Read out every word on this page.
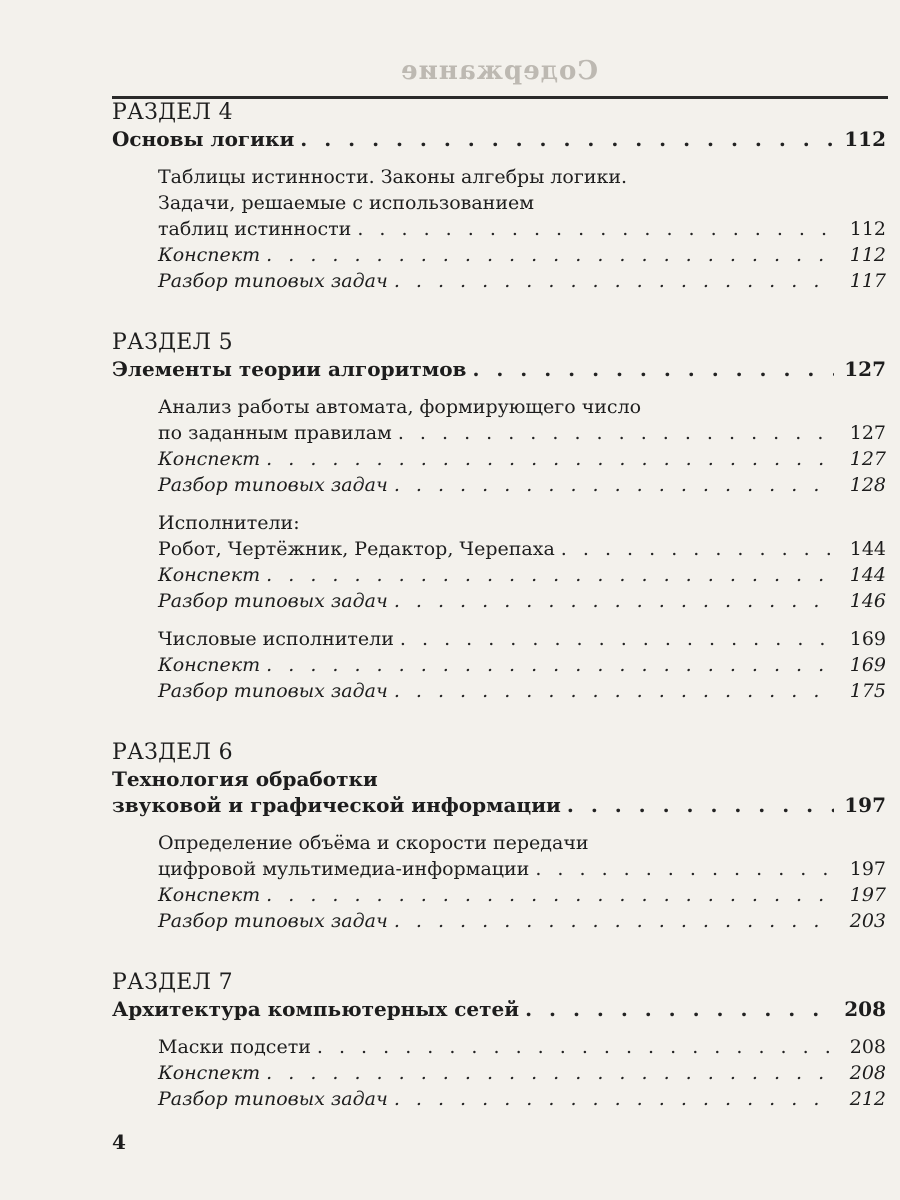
Содержание
РАЗДЕЛ 4
Основы логики . . .	112
Таблицы истинности. Законы алгебры логики.
Задачи, решаемые с использованием
таблиц истинности . . .	112
Конспект . . .	112
Разбор типовых задач . . .	117
РАЗДЕЛ 5
Элементы теории алгоритмов . . .	127
Анализ работы автомата, формирующего число
по заданным правилам . . .	127
Конспект . . .	127
Разбор типовых задач . . .	128
Исполнители:
Робот, Чертёжник, Редактор, Черепаха . . .	144
Конспект . . .	144
Разбор типовых задач . . .	146
Числовые исполнители . . .	169
Конспект . . .	169
Разбор типовых задач . . .	175
РАЗДЕЛ 6
Технология обработки
звуковой и графической информации . . .	197
Определение объёма и скорости передачи
цифровой мультимедиа-информации . . .	197
Конспект . . .	197
Разбор типовых задач . . .	203
РАЗДЕЛ 7
Архитектура компьютерных сетей . . .	208
Маски подсети . . .	208
Конспект . . .	208
Разбор типовых задач . . .	212
4
